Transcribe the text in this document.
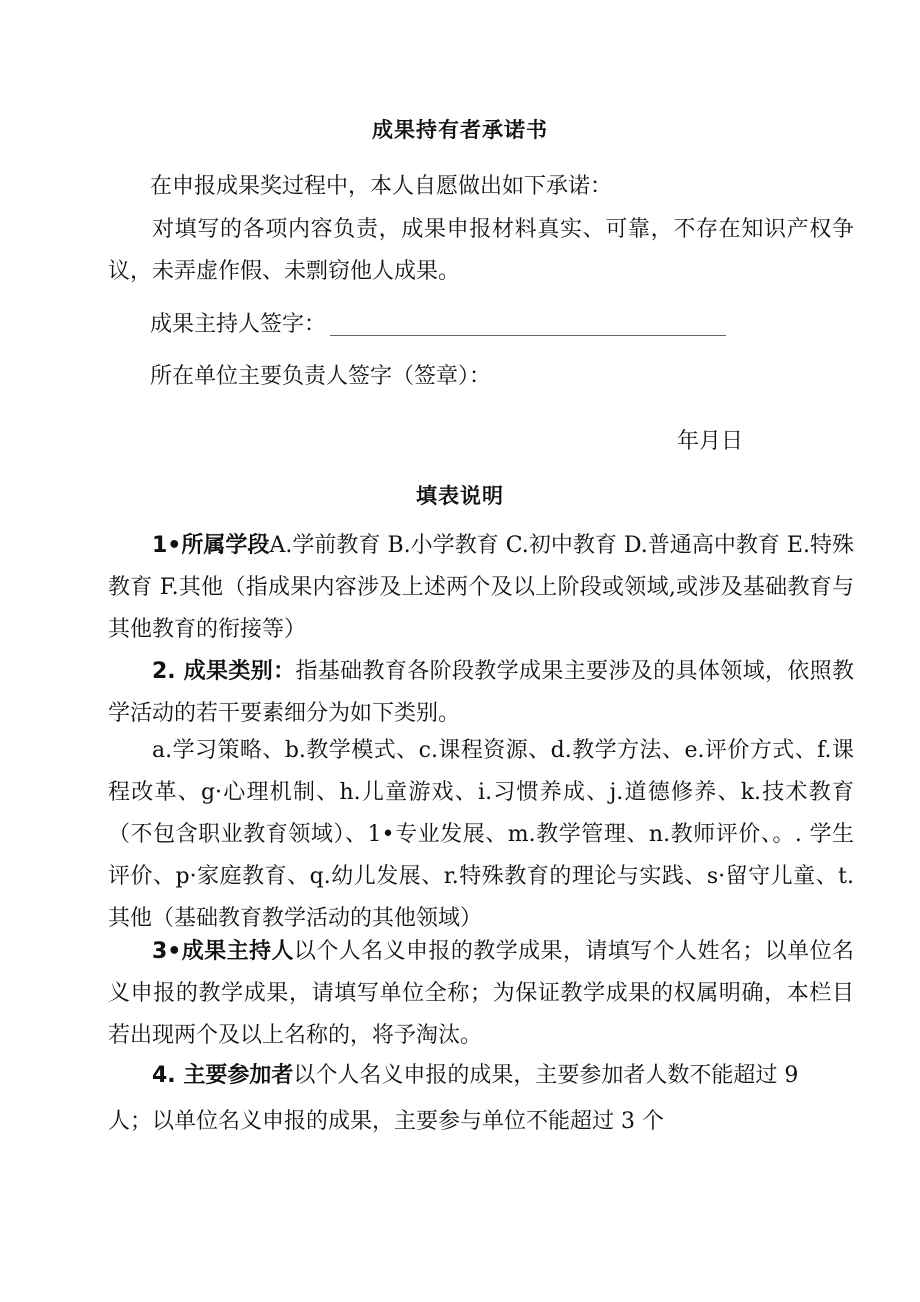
成果持有者承诺书
在申报成果奖过程中，本人自愿做出如下承诺：
对填写的各项内容负责，成果申报材料真实、可靠，不存在知识产权争议，未弄虚作假、未剽窃他人成果。
成果主持人签字：
所在单位主要负责人签字（签章）：
年月日
填表说明
1•所属学段A.学前教育 B.小学教育 C.初中教育 D.普通高中教育 E.特殊教育 F.其他（指成果内容涉及上述两个及以上阶段或领域,或涉及基础教育与其他教育的衔接等）
2. 成果类别：指基础教育各阶段教学成果主要涉及的具体领域，依照教学活动的若干要素细分为如下类别。
a.学习策略、b.教学模式、c.课程资源、d.教学方法、e.评价方式、f.课程改革、g·心理机制、h.儿童游戏、i.习惯养成、j.道德修养、k.技术教育（不包含职业教育领域）、1•专业发展、m.教学管理、n.教师评价、。. 学生评价、p·家庭教育、q.幼儿发展、r.特殊教育的理论与实践、s·留守儿童、t.其他（基础教育教学活动的其他领域）
3•成果主持人以个人名义申报的教学成果，请填写个人姓名；以单位名义申报的教学成果，请填写单位全称；为保证教学成果的权属明确，本栏目若出现两个及以上名称的，将予淘汰。
4. 主要参加者以个人名义申报的成果，主要参加者人数不能超过 9
人；以单位名义申报的成果，主要参与单位不能超过 3 个
